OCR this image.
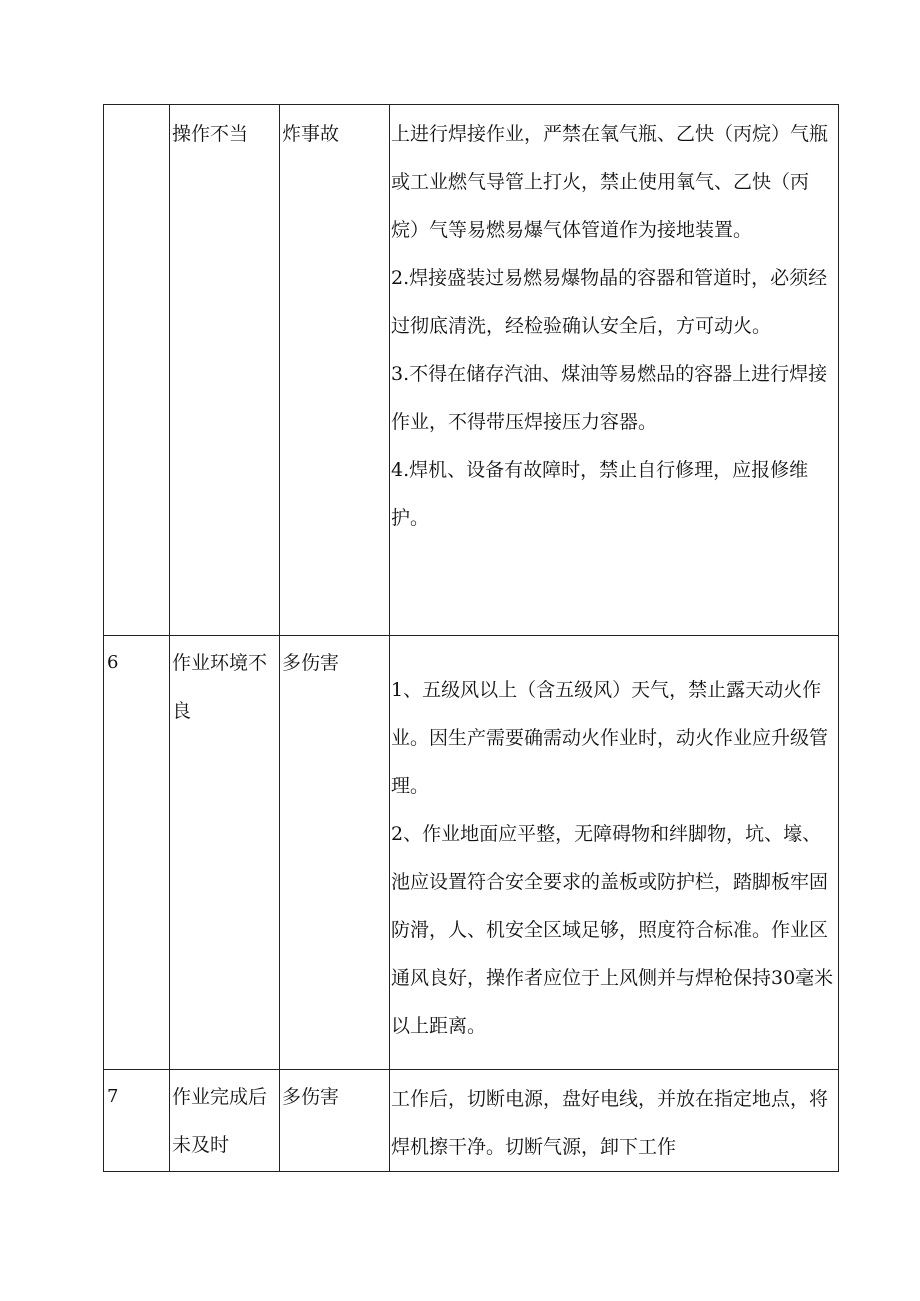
	操作不当	炸事故	上进行焊接作业，严禁在氧气瓶、乙快（丙烷）气瓶或工业燃气导管上打火，禁止使用氧气、乙快（丙烷）气等易燃易爆气体管道作为接地装置。

2.焊接盛装过易燃易爆物晶的容器和管道时，必须经过彻底清洗，经检验确认安全后，方可动火。

3.不得在储存汽油、煤油等易燃品的容器上进行焊接作业，不得带压焊接压力容器。

4.焊机、设备有故障时，禁止自行修理，应报修维护。

6	作业环境不良	多伤害	1、五级风以上（含五级风）天气，禁止露天动火作业。因生产需要确需动火作业时，动火作业应升级管理。

2、作业地面应平整，无障碍物和绊脚物，坑、壕、池应设置符合安全要求的盖板或防护栏，踏脚板牢固防滑，人、机安全区域足够，照度符合标准。作业区通风良好，操作者应位于上风侧并与焊枪保持30毫米以上距离。

7	作业完成后未及时	多伤害	工作后，切断电源，盘好电线，并放在指定地点，将焊机擦干净。切断气源，卸下工作
